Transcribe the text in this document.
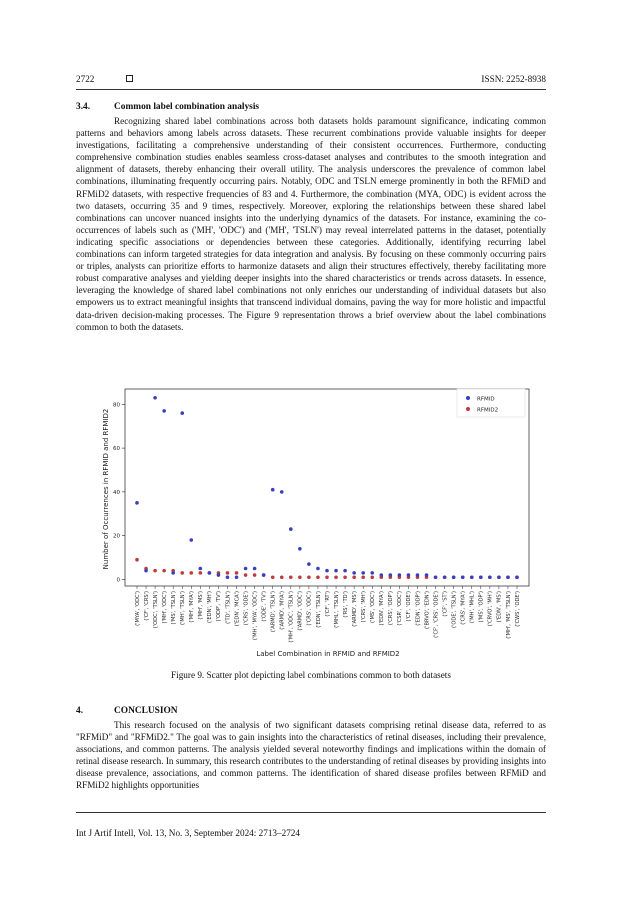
2722	ISSN: 2252-8938
3.4.	Common label combination analysis

Recognizing shared label combinations across both datasets holds paramount significance, indicating common patterns and behaviors among labels across datasets. These recurrent combinations provide valuable insights for deeper investigations, facilitating a comprehensive understanding of their consistent occurrences. Furthermore, conducting comprehensive combination studies enables seamless cross-dataset analyses and contributes to the smooth integration and alignment of datasets, thereby enhancing their overall utility. The analysis underscores the prevalence of common label combinations, illuminating frequently occurring pairs. Notably, ODC and TSLN emerge prominently in both the RFMiD and RFMiD2 datasets, with respective frequencies of 83 and 4. Furthermore, the combination (MYA, ODC) is evident across the two datasets, occurring 35 and 9 times, respectively. Moreover, exploring the relationships between these shared label combinations can uncover nuanced insights into the underlying dynamics of the datasets. For instance, examining the co-occurrences of labels such as ('MH', 'ODC') and ('MH', 'TSLN') may reveal interrelated patterns in the dataset, potentially indicating specific associations or dependencies between these categories. Additionally, identifying recurring label combinations can inform targeted strategies for data integration and analysis. By focusing on these commonly occurring pairs or triples, analysts can prioritize efforts to harmonize datasets and align their structures effectively, thereby facilitating more robust comparative analyses and yielding deeper insights into the shared characteristics or trends across datasets. In essence, leveraging the knowledge of shared label combinations not only enriches our understanding of individual datasets but also empowers us to extract meaningful insights that transcend individual domains, paving the way for more holistic and impactful data-driven decision-making processes. The Figure 9 representation throws a brief overview about the label combinations common to both the datasets.

0
20
40
60
80
('MYA', 'ODC') ('CF', 'CRS') ('ODC', 'TSLN') ('MH', 'ODC') ('MS', 'TSLN') ('MH', 'TSLN') ('MH', 'MYA') ('MH', 'MS') ('EDN', 'MH') ('ODP', 'TV') ('TD', 'TSLN') ('EDN', 'MCA') ('CRS', 'ODE') ('MH', 'MYA', 'ODC') ('ODE', 'TV') ('ARMD', 'TSLN') ('ARMD', 'MYA') ('MH', 'ODC', 'TSLN') ('ARMD', 'ODC') ('CRS', 'ODC') ('EDN', 'TSLN') ('CF', 'RT') ('MHL', 'TSLN') ('RS', 'TD') ('ARMD', 'MS') ('CRS', 'MH') ('MS', 'ODC') ('EDN', 'MYA') ('CRS', 'ODP') ('CSR', 'ODC') ('CF', 'ODE') ('EDN', 'ODP') ('BRVO', 'EDN') ('CF', 'CRS', 'ODE') ('CF', 'ST') ('ODE', 'TSLN') ('CRS', 'MYA') ('MH', 'MHL') ('MS', 'ODP') ('CRVO', 'MH') ('EDN', 'MS') ('MH', 'MS', 'TSLN') ('CWS', 'ODE')
Number of Occurrences in RFMID and RFMID2
Label Combination in RFMID and RFMID2
RFMID
RFMID2
Figure 9. Scatter plot depicting label combinations common to both datasets
4.	CONCLUSION

This research focused on the analysis of two significant datasets comprising retinal disease data, referred to as "RFMiD" and "RFMiD2." The goal was to gain insights into the characteristics of retinal diseases, including their prevalence, associations, and common patterns. The analysis yielded several noteworthy findings and implications within the domain of retinal disease research. In summary, this research contributes to the understanding of retinal diseases by providing insights into disease prevalence, associations, and common patterns. The identification of shared disease profiles between RFMiD and RFMiD2 highlights opportunities

Int J Artif Intell, Vol. 13, No. 3, September 2024: 2713–2724
